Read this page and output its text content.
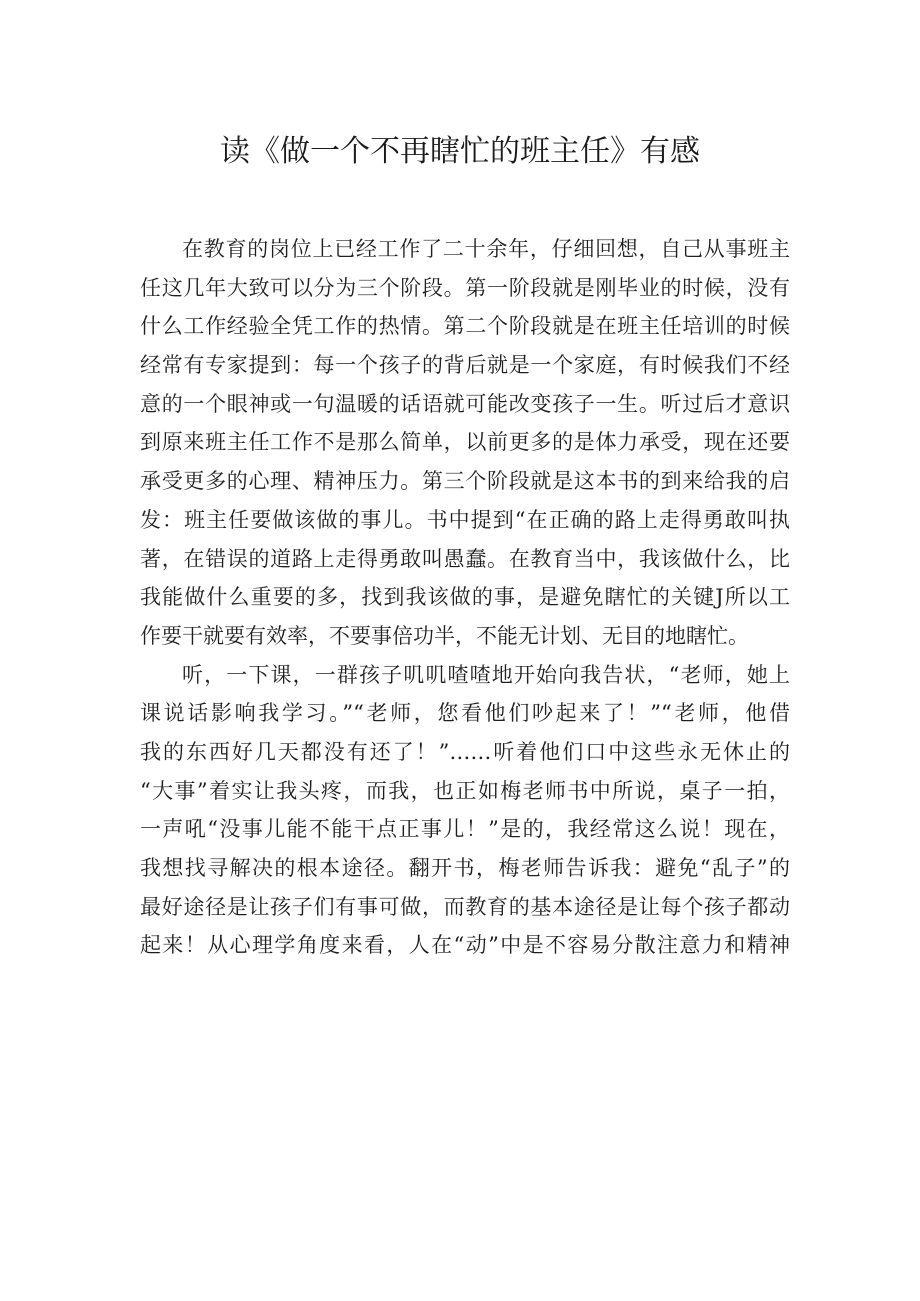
读《做一个不再瞎忙的班主任》有感
在教育的岗位上已经工作了二十余年，仔细回想，自己从事班主
任这几年大致可以分为三个阶段。第一阶段就是刚毕业的时候，没有
什么工作经验全凭工作的热情。第二个阶段就是在班主任培训的时候
经常有专家提到：每一个孩子的背后就是一个家庭，有时候我们不经
意的一个眼神或一句温暖的话语就可能改变孩子一生。听过后才意识
到原来班主任工作不是那么简单，以前更多的是体力承受，现在还要
承受更多的心理、精神压力。第三个阶段就是这本书的到来给我的启
发：班主任要做该做的事儿。书中提到“在正确的路上走得勇敢叫执
著，在错误的道路上走得勇敢叫愚蠢。在教育当中，我该做什么，比
我能做什么重要的多，找到我该做的事，是避免瞎忙的关键J所以工
作要干就要有效率，不要事倍功半，不能无计划、无目的地瞎忙。
听，一下课，一群孩子叽叽喳喳地开始向我告状，“老师，她上
课说话影响我学习。”“老师，您看他们吵起来了！”“老师，他借
我的东西好几天都没有还了！”……听着他们口中这些永无休止的
“大事”着实让我头疼，而我，也正如梅老师书中所说，桌子一拍，
一声吼“没事儿能不能干点正事儿！”是的，我经常这么说！现在，
我想找寻解决的根本途径。翻开书，梅老师告诉我：避免“乱子”的
最好途径是让孩子们有事可做，而教育的基本途径是让每个孩子都动
起来！从心理学角度来看，人在“动”中是不容易分散注意力和精神
